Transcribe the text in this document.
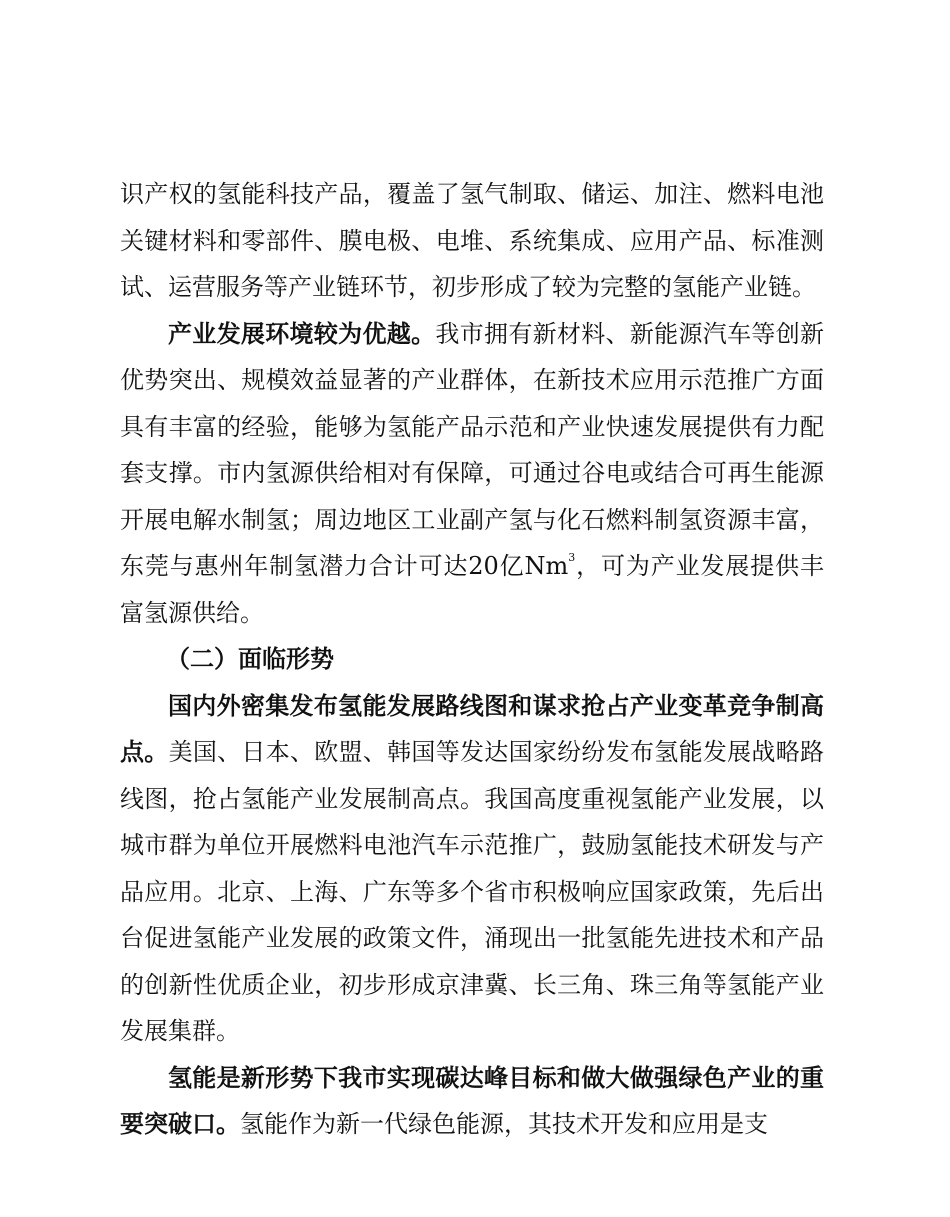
识产权的氢能科技产品，覆盖了氢气制取、储运、加注、燃料电池关键材料和零部件、膜电极、电堆、系统集成、应用产品、标准测试、运营服务等产业链环节，初步形成了较为完整的氢能产业链。

产业发展环境较为优越。我市拥有新材料、新能源汽车等创新优势突出、规模效益显著的产业群体，在新技术应用示范推广方面具有丰富的经验，能够为氢能产品示范和产业快速发展提供有力配套支撑。市内氢源供给相对有保障，可通过谷电或结合可再生能源开展电解水制氢；周边地区工业副产氢与化石燃料制氢资源丰富，东莞与惠州年制氢潜力合计可达20亿Nm$^3$，可为产业发展提供丰富氢源供给。

（二）面临形势

国内外密集发布氢能发展路线图和谋求抢占产业变革竞争制高点。美国、日本、欧盟、韩国等发达国家纷纷发布氢能发展战略路线图，抢占氢能产业发展制高点。我国高度重视氢能产业发展，以城市群为单位开展燃料电池汽车示范推广，鼓励氢能技术研发与产品应用。北京、上海、广东等多个省市积极响应国家政策，先后出台促进氢能产业发展的政策文件，涌现出一批氢能先进技术和产品的创新性优质企业，初步形成京津冀、长三角、珠三角等氢能产业发展集群。

氢能是新形势下我市实现碳达峰目标和做大做强绿色产业的重要突破口。氢能作为新一代绿色能源，其技术开发和应用是支
